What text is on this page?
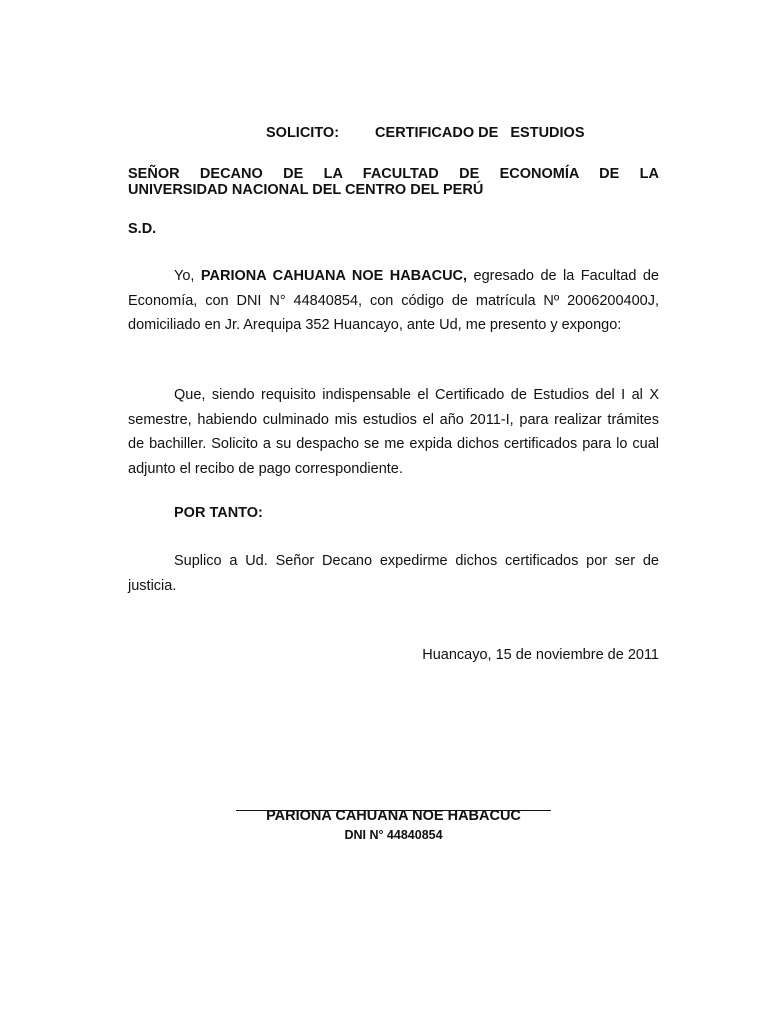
SOLICITO: CERTIFICADO DE   ESTUDIOS
SEÑOR DECANO DE LA FACULTAD DE ECONOMÍA DE LA
UNIVERSIDAD NACIONAL DEL CENTRO DEL PERÚ
S.D.
Yo, PARIONA CAHUANA NOE HABACUC, egresado de la Facultad de Economía, con DNI N° 44840854, con código de matrícula Nº 2006200400J, domiciliado en Jr. Arequipa 352 Huancayo, ante Ud, me presento y expongo:
Que, siendo requisito indispensable el Certificado de Estudios del I al X semestre, habiendo culminado mis estudios el año 2011-I, para realizar trámites de bachiller. Solicito a su despacho se me expida dichos certificados para lo cual adjunto el recibo de pago correspondiente.
POR TANTO:
Suplico a Ud. Señor Decano expedirme dichos certificados por ser de justicia.
Huancayo, 15 de noviembre de 2011
PARIONA CAHUANA NOE HABACUC
DNI N° 44840854
